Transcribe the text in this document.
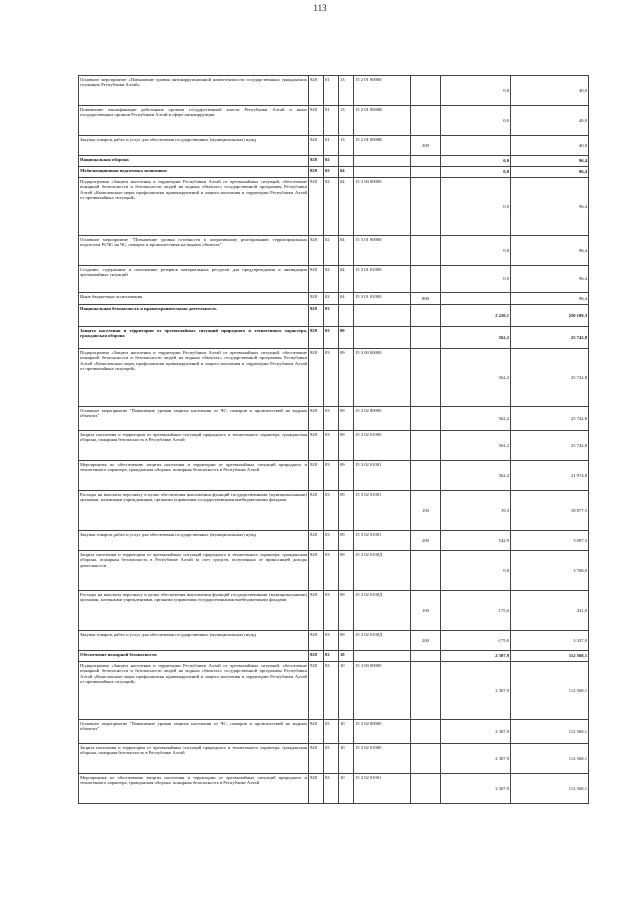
113
Основное мероприятие «Повышение уровня антикоррупционной компетентности государственных гражданских служащих Республики Алтай»	928	01	13	15 2 01 00000		0,0	40,0
Повышение квалификации работников органов государственной власти Республики Алтай и иных государственных органов Республики Алтай в сфере антикоррупции	928	01	13	15 2 01 0000К		0,0	40,0
Закупка товаров, работ и услуг для обеспечения государственных (муниципальных) нужд	928	01	13	15 2 01 0000К	200		40,0
Национальная оборона	928	02				0,0	96,4
Мобилизационная подготовка экономики	928	02	04			0,0	96,4
Подпрограмма «Защита населения и территории Республики Алтай от чрезвычайных ситуаций, обеспечение пожарной безопасности и безопасности людей на водных объектах» государственной программы Республики Алтай «Комплексные меры профилактики правонарушений и защита населения и территории Республики Алтай от чрезвычайных ситуаций»	928	02	04	15 3 00 00000		0,0	96,4
Основное мероприятие "Повышение уровня готовности к оперативному реагированию территориальных подсистем РСЧС на ЧС, пожарах и происшествиях на водных объектах"	928	02	04	15 3 01 00000		0,0	96,4
Создание, содержание и пополнение резервов материальных ресурсов для предупреждения и ликвидации чрезвычайных ситуаций	928	02	04	15 3 01 01000		0,0	96,4
Иные бюджетные ассигнования	928	02	04	15 3 01 01000	800		96,4
Национальная безопасность и правоохранительная деятельность	928	03				2 220,1	250 189,3
Защита населения и территории от чрезвычайных ситуаций природного и техногенного характера, гражданская оборона	928	03	09			562,2	25 742,8
Подпрограмма «Защита населения и территории Республики Алтай от чрезвычайных ситуаций, обеспечение пожарной безопасности и безопасности людей на водных объектах» государственной программы Республики Алтай «Комплексные меры профилактики правонарушений и защита населения и территории Республики Алтай от чрезвычайных ситуаций»	928	03	09	15 3 00 00000		562,2	25 742,8
Основное мероприятие "Повышение уровня защиты населения от ЧС, пожаров и происшествий на водных объектах"	928	03	09	15 3 02 00000		562,2	25 742,8
Защита населения и территории от чрезвычайных ситуаций природного и техногенного характера, гражданская оборона, пожарная безопасность в Республике Алтай	928	03	09	15 3 02 01000		562,2	25 742,8
Мероприятия по обеспечению защиты населения и территории от чрезвычайных ситуаций природного и техногенного характера, гражданская оборона, пожарная безопасность в Республике Алтай	928	03	09	15 3 02 01001		562,2	21 974,8
Расходы на выплаты персоналу в целях обеспечения выполнения функций государственными (муниципальными) органами, казенными учреждениями, органами управления государственными внебюджетными фондами	928	03	09	15 3 02 01001	100	19,3	18 877,5
Закупка товаров, работ и услуг для обеспечения государственных (муниципальных) нужд	928	03	09	15 3 02 01001	200	542,9	3 097,3
Защита населения и территории от чрезвычайных ситуаций природного и техногенного характера, гражданская оборона, пожарная безопасность в Республике Алтай за счет средств, полученных от приносящей доходы деятельности	928	03	09	15 3 02 0100Д		0,0	3 768,0
Расходы на выплаты персоналу в целях обеспечения выполнения функций государственными (муниципальными) органами, казенными учреждениями, органами управления государственными внебюджетными фондами	928	03	09	15 3 02 0100Д	100	175,0	431,0
Закупка товаров, работ и услуг для обеспечения государственных (муниципальных) нужд	928	03	09	15 3 02 0100Д	200	-175,0	3 337,0
Обеспечение пожарной безопасности	928	03	10			2 307,9	112 568,1
Подпрограмма «Защита населения и территории Республики Алтай от чрезвычайных ситуаций, обеспечение пожарной безопасности и безопасности людей на водных объектах» государственной программы Республики Алтай «Комплексные меры профилактики правонарушений и защита населения и территории Республики Алтай от чрезвычайных ситуаций»	928	03	10	15 3 00 00000		2 307,9	112 568,1
Основное мероприятие "Повышение уровня защиты населения от ЧС, пожаров и происшествий на водных объектах"	928	03	10	15 3 02 00000		2 307,9	112 568,1
Защита населения и территории от чрезвычайных ситуаций природного и техногенного характера, гражданская оборона, пожарная безопасность в Республике Алтай	928	03	10	15 3 02 01000		2 307,9	112 568,1
Мероприятия по обеспечению защиты населения и территории от чрезвычайных ситуаций природного и техногенного характера, гражданская оборона, пожарная безопасность в Республике Алтай	928	03	10	15 3 02 01001		2 307,9	112 568,1
